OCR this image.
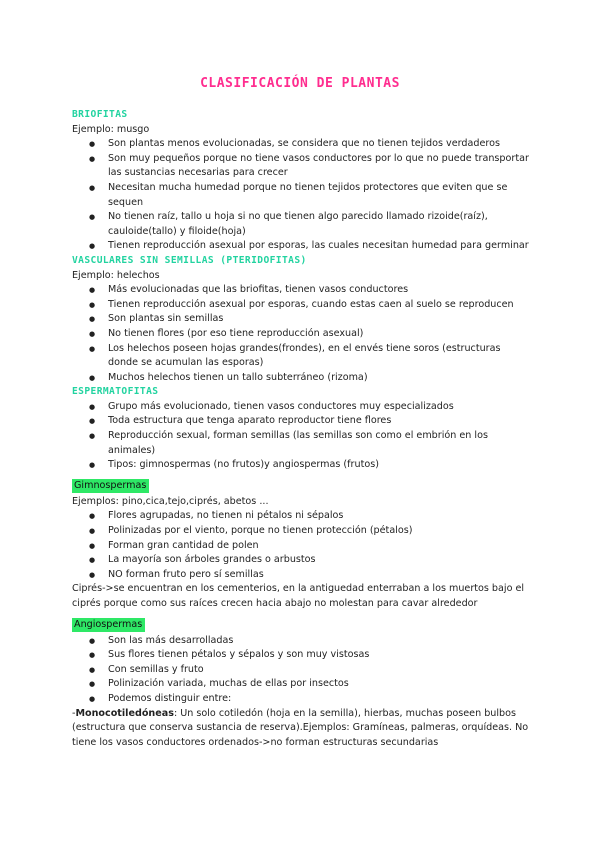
CLASIFICACIÓN DE PLANTAS
BRIOFITAS
Ejemplo: musgo
● Son plantas menos evolucionadas, se considera que no tienen tejidos verdaderos
● Son muy pequeños porque no tiene vasos conductores por lo que no puede transportar las sustancias necesarias para crecer
● Necesitan mucha humedad porque no tienen tejidos protectores que eviten que se sequen
● No tienen raíz, tallo u hoja si no que tienen algo parecido llamado rizoide(raíz), cauloide(tallo) y filoide(hoja)
● Tienen reproducción asexual por esporas, las cuales necesitan humedad para germinar
VASCULARES SIN SEMILLAS (PTERIDOFITAS)
Ejemplo: helechos
● Más evolucionadas que las briofitas, tienen vasos conductores
● Tienen reproducción asexual por esporas, cuando estas caen al suelo se reproducen
● Son plantas sin semillas
● No tienen flores (por eso tiene reproducción asexual)
● Los helechos poseen hojas grandes(frondes), en el envés tiene soros (estructuras donde se acumulan las esporas)
● Muchos helechos tienen un tallo subterráneo (rizoma)
ESPERMATOFITAS
● Grupo más evolucionado, tienen vasos conductores muy especializados
● Toda estructura que tenga aparato reproductor tiene flores
● Reproducción sexual, forman semillas (las semillas son como el embrión en los animales)
● Tipos: gimnospermas (no frutos)y angiospermas (frutos)
Gimnospermas
Ejemplos: pino,cica,tejo,ciprés, abetos ...
● Flores agrupadas, no tienen ni pétalos ni sépalos
● Polinizadas por el viento, porque no tienen protección (pétalos)
● Forman gran cantidad de polen
● La mayoría son árboles grandes o arbustos
● NO forman fruto pero sí semillas
Ciprés->se encuentran en los cementerios, en la antiguedad enterraban a los muertos bajo el ciprés porque como sus raíces crecen hacia abajo no molestan para cavar alrededor
Angiospermas
● Son las más desarrolladas
● Sus flores tienen pétalos y sépalos y son muy vistosas
● Con semillas y fruto
● Polinización variada, muchas de ellas por insectos
● Podemos distinguir entre:
-Monocotiledóneas: Un solo cotiledón (hoja en la semilla), hierbas, muchas poseen bulbos (estructura que conserva sustancia de reserva).Ejemplos: Gramíneas, palmeras, orquídeas. No tiene los vasos conductores ordenados->no forman estructuras secundarias
